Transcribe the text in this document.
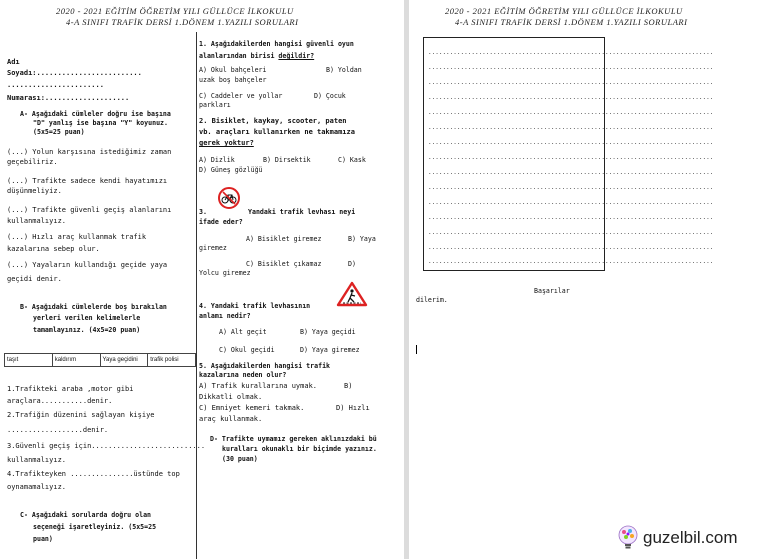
2020 - 2021 EĞİTİM ÖĞRETİM YILI GÜLLÜCE İLKOKULU
4-A SINIFI TRAFİK DERSİ 1.DÖNEM 1.YAZILI SORULARI
Adı
Soyadı:.........................
.......................
Numarası:....................
A- Aşağıdaki cümleler doğru ise başına
"D" yanlış ise başına "Y" koyunuz.
(5x5=25 puan)
(...) Yolun karşısına istediğimiz zaman
geçebiliriz.
(...) Trafikte sadece kendi hayatımızı
düşünmeliyiz.
(...) Trafikte güvenli geçiş alanlarını
kullanmalıyız.
(...) Hızlı araç kullanmak trafik
kazalarına sebep olur.
(...) Yayaların kullandığı geçide yaya
geçidi denir.
B- Aşağıdaki cümlelerde boş bırakılan
yerleri verilen kelimelerle
tamamlayınız. (4x5=20 puan)
taşıt	kaldırım	Yaya geçidini	trafik polisi
1.Trafikteki araba ,motor gibi
araçlara...........denir.
2.Trafiğin düzenini sağlayan kişiye
..................denir.
3.Güvenli geçiş için...........................
kullanmalıyız.
4.Trafikteyken ...............üstünde top
oynamamalıyız.
C- Aşağıdaki sorularda doğru olan
seçeneği işaretleyiniz. (5x5=25
puan)
1. Aşağıdakilerden hangisi güvenli oyun
alanlarından birisi değildir?
A) Okul bahçeleri	B) Yoldan
uzak boş bahçeler
C) Caddeler ve yollar	D) Çocuk
parkları
2. Bisiklet, kaykay, scooter, paten
vb. araçları kullanırken ne takmamıza
gerek yoktur?
A) Dizlik	B) Dirsektik	C) Kask
D) Güneş gözlüğü
3.	Yandaki trafik levhası neyi
ifade eder?
A) Bisiklet giremez	B) Yaya
giremez
C) Bisiklet çıkamaz	D)
Yolcu giremez
4. Yandaki trafik levhasının
anlamı nedir?
A) Alt geçit	B) Yaya geçidi
C) Okul geçidi	D) Yaya giremez
5. Aşağıdakilerden hangisi trafik
kazalarına neden olur?
A) Trafik kurallarına uymak.	B)
Dikkatli olmak.
C) Emniyet kemeri takmak.	D) Hızlı
araç kullanmak.
D- Trafikte uymamız gereken aklınızdaki bü
kuralları okunaklı bir biçimde yazınız.
(30 puan)
2020 - 2021 EĞİTİM ÖĞRETİM YILI GÜLLÜCE İLKOKULU
4-A SINIFI TRAFİK DERSİ 1.DÖNEM 1.YAZILI SORULARI
...............................................................................
...............................................................................
...............................................................................
...............................................................................
...............................................................................
...............................................................................
...............................................................................
...............................................................................
...............................................................................
...............................................................................
...............................................................................
...............................................................................
...............................................................................
...............................................................................
...............................................................................
Başarılar
dilerim.
guzelbil.com
